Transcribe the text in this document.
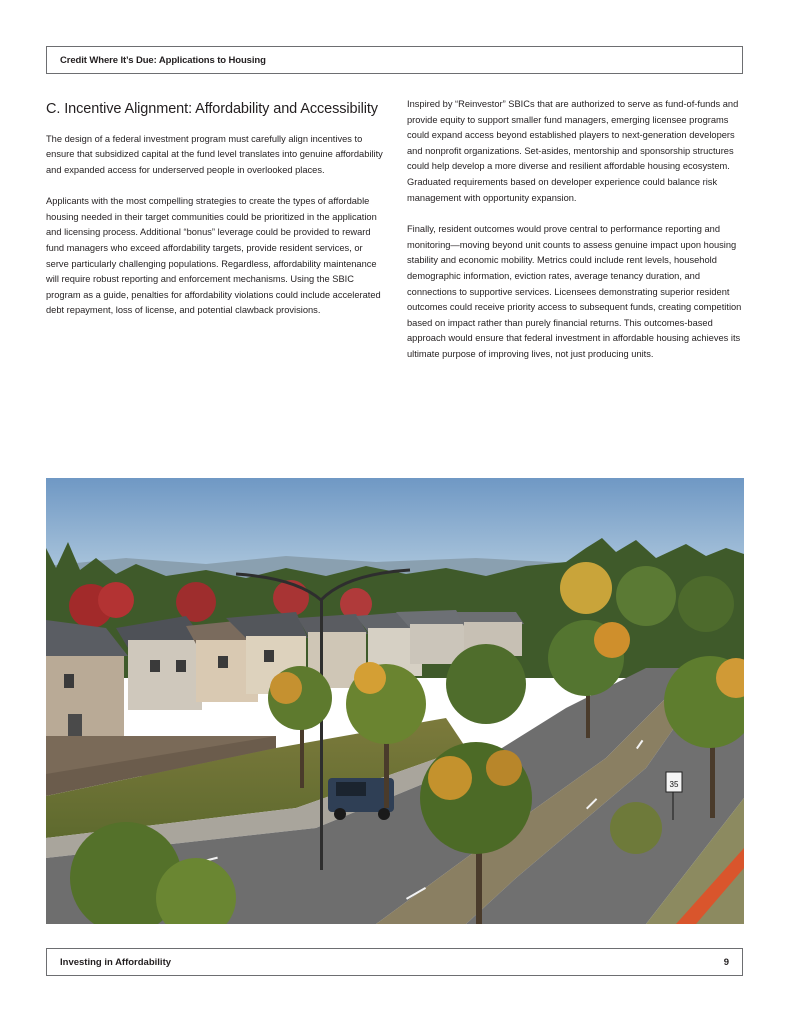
Credit Where It’s Due: Applications to Housing
C. Incentive Alignment: Affordability and Accessibility

The design of a federal investment program must carefully align incentives to ensure that subsidized capital at the fund level translates into genuine affordability and expanded access for underserved people in overlooked places.

Applicants with the most compelling strategies to create the types of affordable housing needed in their target communities could be prioritized in the application and licensing process. Additional “bonus” leverage could be provided to reward fund managers who exceed affordability targets, provide resident services, or serve particularly challenging populations. Regardless, affordability maintenance will require robust reporting and enforcement mechanisms. Using the SBIC program as a guide, penalties for affordability violations could include accelerated debt repayment, loss of license, and potential clawback provisions.

Inspired by “Reinvestor” SBICs that are authorized to serve as fund-of-funds and provide equity to support smaller fund managers, emerging licensee programs could expand access beyond established players to next-generation developers and nonprofit organizations. Set-asides, mentorship and sponsorship structures could help develop a more diverse and resilient affordable housing ecosystem. Graduated requirements based on developer experience could balance risk management with opportunity expansion.

Finally, resident outcomes would prove central to performance reporting and monitoring—moving beyond unit counts to assess genuine impact upon housing stability and economic mobility. Metrics could include rent levels, household demographic information, eviction rates, average tenancy duration, and connections to supportive services. Licensees demonstrating superior resident outcomes could receive priority access to subsequent funds, creating competition based on impact rather than purely financial returns. This outcomes-based approach would ensure that federal investment in affordable housing achieves its ultimate purpose of improving lives, not just producing units.

35
Investing in Affordability	9
